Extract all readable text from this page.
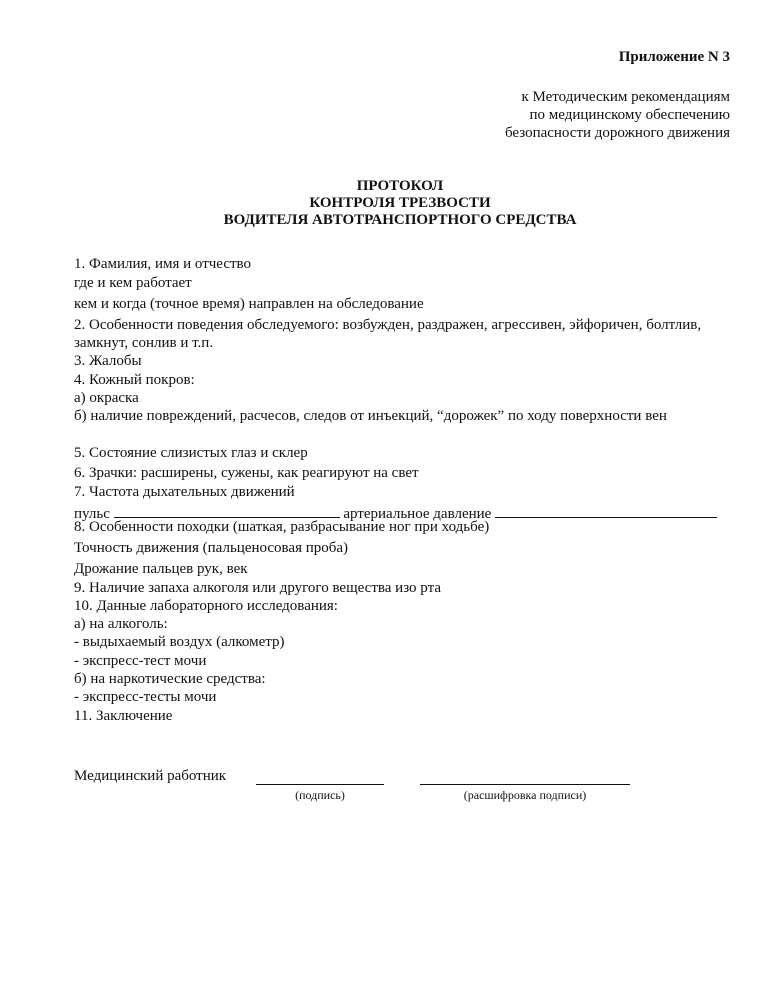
Приложение N 3
к Методическим рекомендациям
по медицинскому обеспечению
безопасности дорожного движения
ПРОТОКОЛ
КОНТРОЛЯ ТРЕЗВОСТИ
ВОДИТЕЛЯ АВТОТРАНСПОРТНОГО СРЕДСТВА
1. Фамилия, имя и отчество
где и кем работает
кем и когда (точное время) направлен на обследование
2. Особенности поведения обследуемого: возбужден, раздражен, агрессивен, эйфоричен, болтлив,
замкнут, сонлив и т.п.
3. Жалобы
4. Кожный покров:
а) окраска
б) наличие повреждений, расчесов, следов от инъекций, “дорожек” по ходу поверхности вен
5. Состояние слизистых глаз и склер
6. Зрачки: расширены, сужены, как реагируют на свет
7. Частота дыхательных движений
пульс	артериальное давление
8. Особенности походки (шаткая, разбрасывание ног при ходьбе)
Точность движения (пальценосовая проба)
Дрожание пальцев рук, век
9. Наличие запаха алкоголя или другого вещества изо рта
10. Данные лабораторного исследования:
а) на алкоголь:
- выдыхаемый воздух (алкометр)
- экспресс-тест мочи
б) на наркотические средства:
- экспресс-тесты мочи
11. Заключение
Медицинский работник
(подпись)	(расшифровка подписи)
